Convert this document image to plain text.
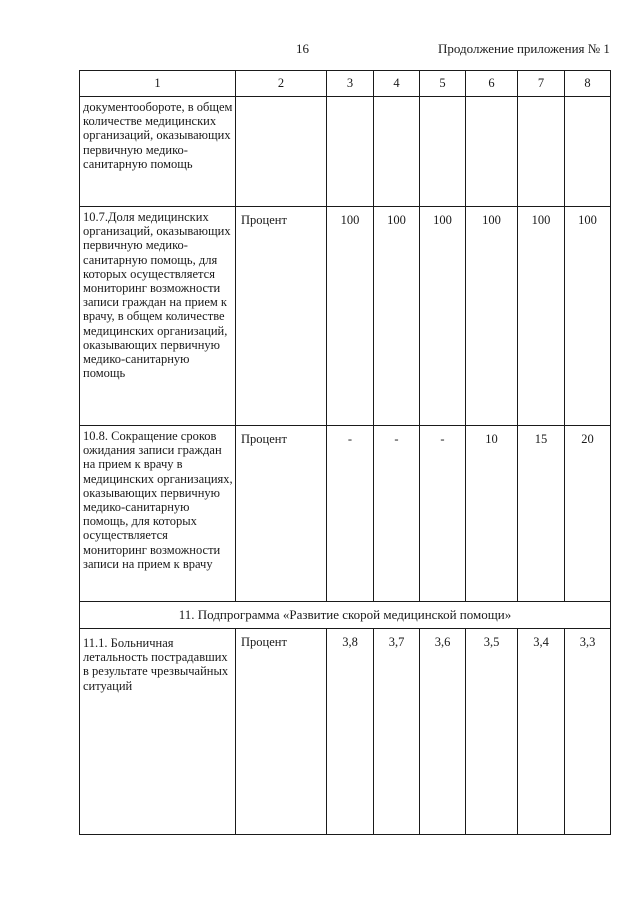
16	Продолжение приложения № 1
1	2	3	4	5	6	7	8
документообороте, в общем количестве медицинских организаций, оказывающих первичную медико-санитарную помощь							
10.7.Доля медицинских организаций, оказывающих первичную медико-санитарную помощь, для которых осуществляется мониторинг возможности записи граждан на прием к врачу, в общем количестве медицинских организаций, оказывающих первичную медико-санитарную помощь	Процент	100	100	100	100	100	100
10.8. Сокращение сроков ожидания записи граждан на прием к врачу в медицинских организациях, оказывающих первичную медико-санитарную помощь, для которых осуществляется мониторинг возможности записи на прием к врачу	Процент	-	-	-	10	15	20
11. Подпрограмма «Развитие скорой медицинской помощи»							
11.1. Больничная летальность пострадавших в результате чрезвычайных ситуаций	Процент	3,8	3,7	3,6	3,5	3,4	3,3
